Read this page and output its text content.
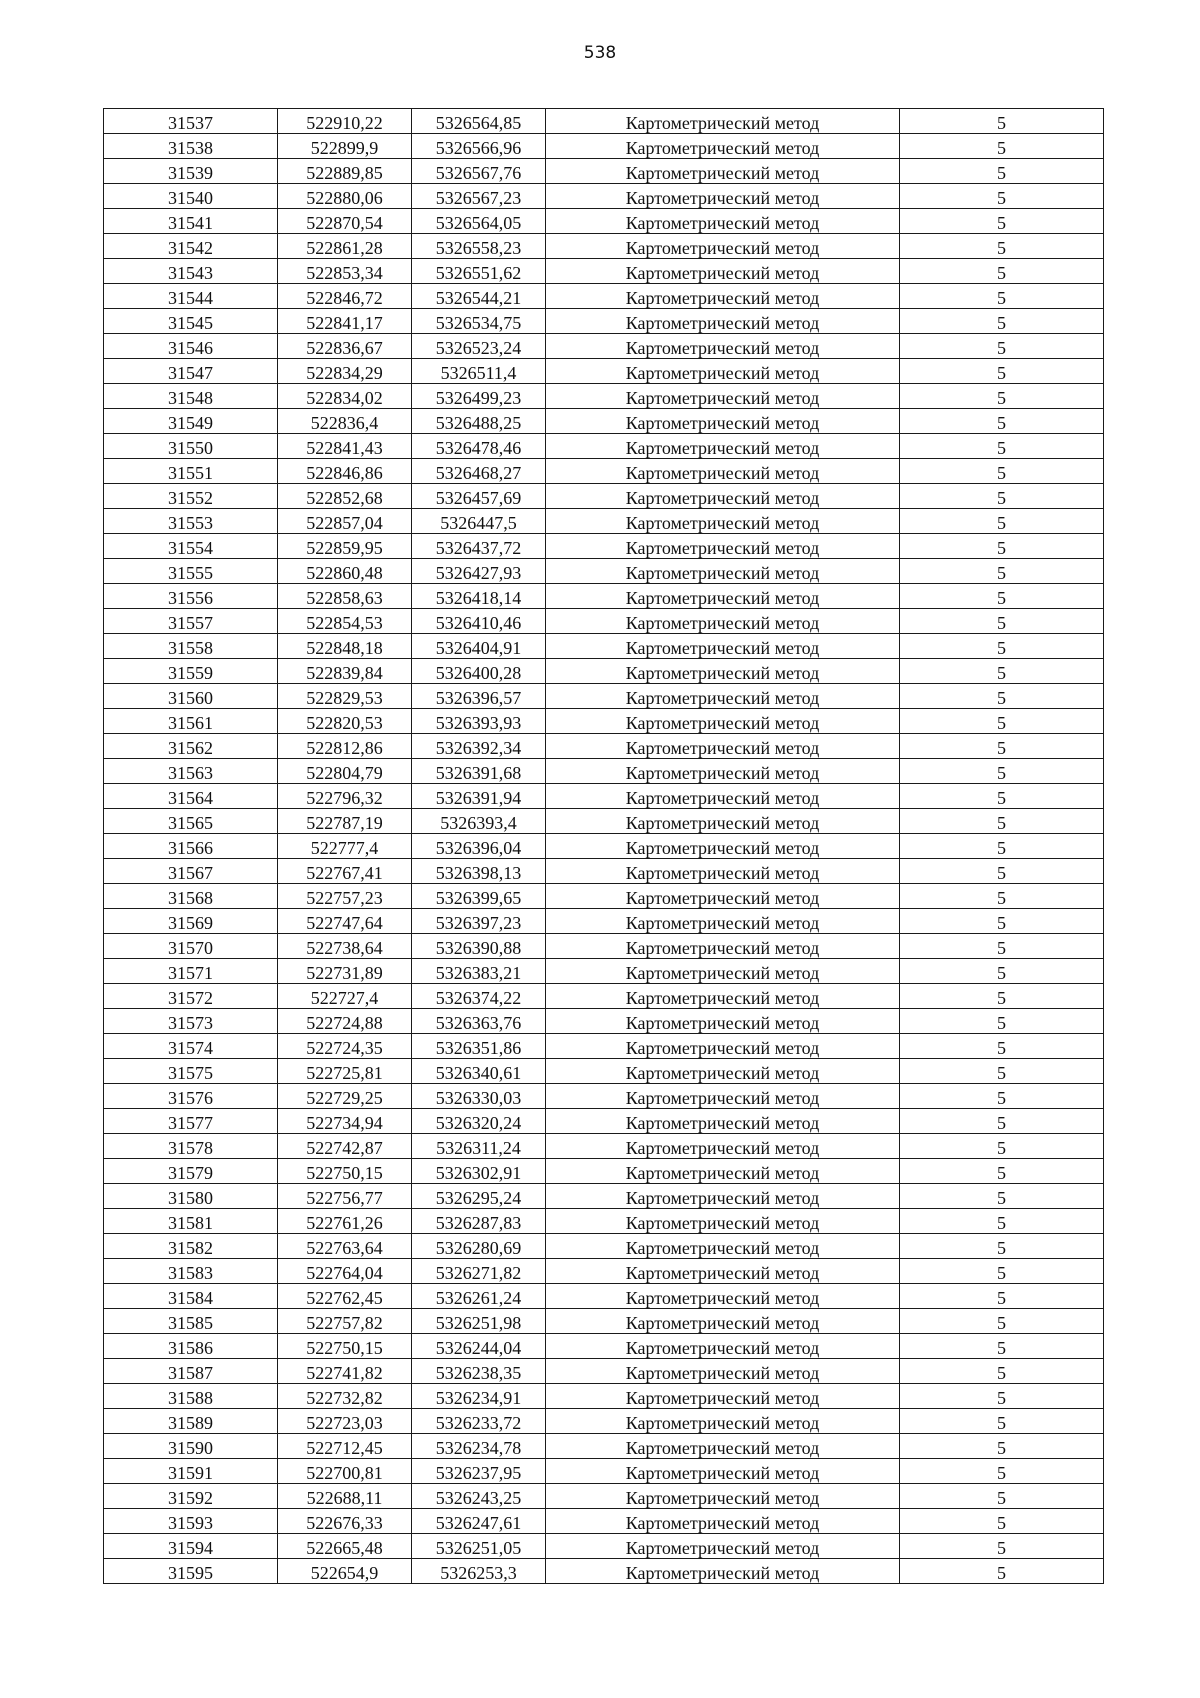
538
31537	522910,22	5326564,85	Картометрический метод	5
31538	522899,9	5326566,96	Картометрический метод	5
31539	522889,85	5326567,76	Картометрический метод	5
31540	522880,06	5326567,23	Картометрический метод	5
31541	522870,54	5326564,05	Картометрический метод	5
31542	522861,28	5326558,23	Картометрический метод	5
31543	522853,34	5326551,62	Картометрический метод	5
31544	522846,72	5326544,21	Картометрический метод	5
31545	522841,17	5326534,75	Картометрический метод	5
31546	522836,67	5326523,24	Картометрический метод	5
31547	522834,29	5326511,4	Картометрический метод	5
31548	522834,02	5326499,23	Картометрический метод	5
31549	522836,4	5326488,25	Картометрический метод	5
31550	522841,43	5326478,46	Картометрический метод	5
31551	522846,86	5326468,27	Картометрический метод	5
31552	522852,68	5326457,69	Картометрический метод	5
31553	522857,04	5326447,5	Картометрический метод	5
31554	522859,95	5326437,72	Картометрический метод	5
31555	522860,48	5326427,93	Картометрический метод	5
31556	522858,63	5326418,14	Картометрический метод	5
31557	522854,53	5326410,46	Картометрический метод	5
31558	522848,18	5326404,91	Картометрический метод	5
31559	522839,84	5326400,28	Картометрический метод	5
31560	522829,53	5326396,57	Картометрический метод	5
31561	522820,53	5326393,93	Картометрический метод	5
31562	522812,86	5326392,34	Картометрический метод	5
31563	522804,79	5326391,68	Картометрический метод	5
31564	522796,32	5326391,94	Картометрический метод	5
31565	522787,19	5326393,4	Картометрический метод	5
31566	522777,4	5326396,04	Картометрический метод	5
31567	522767,41	5326398,13	Картометрический метод	5
31568	522757,23	5326399,65	Картометрический метод	5
31569	522747,64	5326397,23	Картометрический метод	5
31570	522738,64	5326390,88	Картометрический метод	5
31571	522731,89	5326383,21	Картометрический метод	5
31572	522727,4	5326374,22	Картометрический метод	5
31573	522724,88	5326363,76	Картометрический метод	5
31574	522724,35	5326351,86	Картометрический метод	5
31575	522725,81	5326340,61	Картометрический метод	5
31576	522729,25	5326330,03	Картометрический метод	5
31577	522734,94	5326320,24	Картометрический метод	5
31578	522742,87	5326311,24	Картометрический метод	5
31579	522750,15	5326302,91	Картометрический метод	5
31580	522756,77	5326295,24	Картометрический метод	5
31581	522761,26	5326287,83	Картометрический метод	5
31582	522763,64	5326280,69	Картометрический метод	5
31583	522764,04	5326271,82	Картометрический метод	5
31584	522762,45	5326261,24	Картометрический метод	5
31585	522757,82	5326251,98	Картометрический метод	5
31586	522750,15	5326244,04	Картометрический метод	5
31587	522741,82	5326238,35	Картометрический метод	5
31588	522732,82	5326234,91	Картометрический метод	5
31589	522723,03	5326233,72	Картометрический метод	5
31590	522712,45	5326234,78	Картометрический метод	5
31591	522700,81	5326237,95	Картометрический метод	5
31592	522688,11	5326243,25	Картометрический метод	5
31593	522676,33	5326247,61	Картометрический метод	5
31594	522665,48	5326251,05	Картометрический метод	5
31595	522654,9	5326253,3	Картометрический метод	5
